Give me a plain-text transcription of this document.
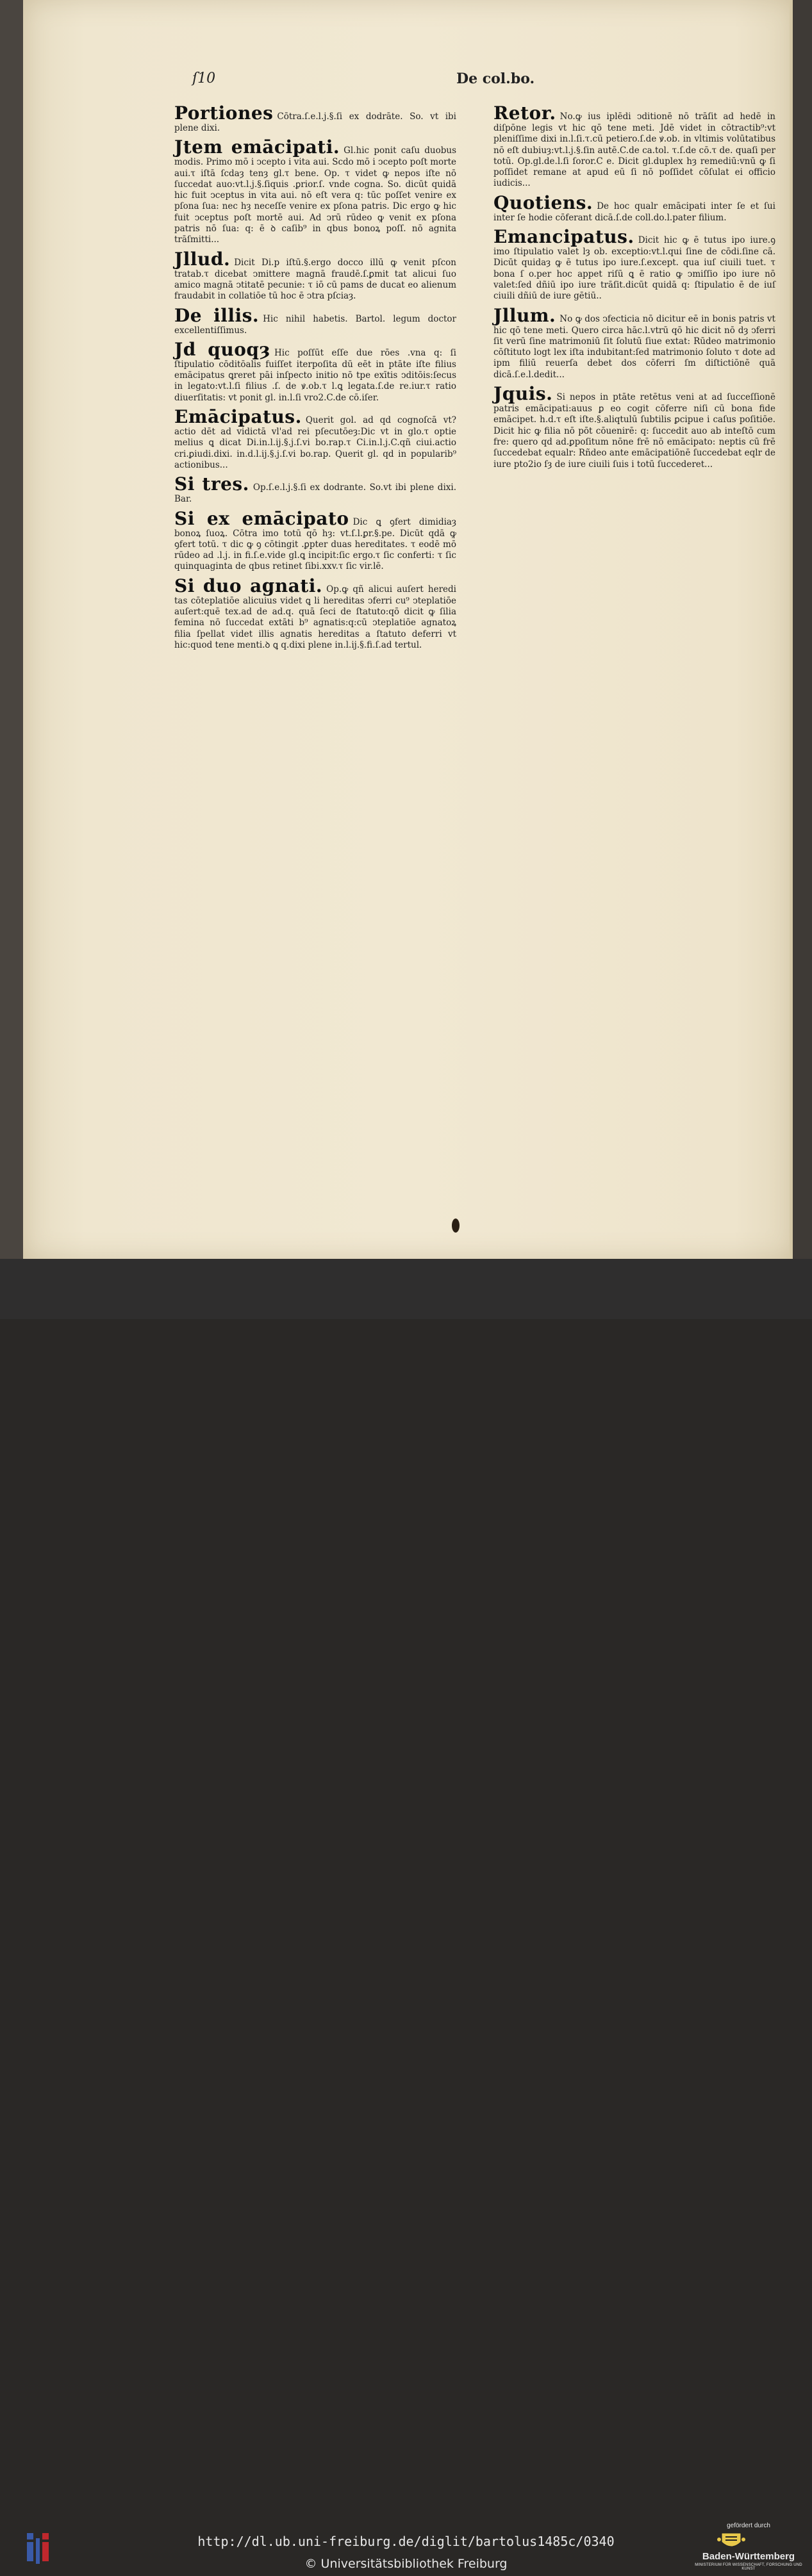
ſ10	De col.bo.

Portiones Cōtra.ſ.e.l.j.§.ſi ex dodrāte. So. vt ibi plene dixi.

Jtem emācipati. Gl.hic ponit caſu duobus modis. Primo mō i ↄcepto i vita aui. Scdo mō i ↄcepto poſt morte aui.τ iſtā ſcdaȝ tenȝ gl.τ bene. Op. τ videt ꝙ nepos iſte nō ſuccedat auo:vt.l.j.§.ſiquis .ꝑrior.ſ. vnde cogna. So. dicūt quidā hic fuit ↄceptus in vita aui. nō eſt vera q: tūc poſſet venire ex pſona ſua: nec hȝ neceſſe venire ex pſona patris. Dic ergo ꝙ hic fuit ↄceptus poſt mortē aui. Ad ↄrū rūdeo ꝙ venit ex pſona patris nō ſua: q: ē ꝺ caſib⁹ in qbus bonoꝝ poſſ. nō agnita trāſmitti...

Jllud. Dicit Di.p iſtū.§.ergo docco illū ꝙ venit pſcon tratab.τ dicebat ↄmittere magnā fraudē.ſ.ꝑmit tat alicui ſuo amico magnā ↄtitatē pecunie: τ iō cū pams de ducat eo alienum fraudabit in collatiōe tū hoc ē ↄtra pſciaȝ.

De illis. Hic nihil habetis. Bartol. legum doctor excellentiſſimus.

Jd quoqȝ Hic poſſūt eſſe due rōes .vna q: ſi ſtipulatio cōditōalis fuiſſet iterpoſita dū eēt in ptāte iſte filius emācipatus ꝗreret pāi inſpecto initio nō tpe exītis ↄditōis:ſecus in legato:vt.l.ſi filius .ſ. de ꝟ.ob.τ l.ꝗ legata.ſ.de re.iur.τ ratio diuerſitatis: vt ponit gl. in.l.ſi vro2.C.de cō.iſer.

Emācipatus. Querit gol. ad qd cognoſcā vt? actio dēt ad vidictā vl'ad rei pſecutōeȝ:Dic vt in glo.τ optie melius ꝗ dicat Di.in.l.ij.§.j.ſ.vi bo.rap.τ Ci.in.l.j.C.qñ ciui.actio cri.ꝑiudi.dixi. in.d.l.ij.§.j.ſ.vi bo.rap. Querit gl. qd in popularib⁹ actionibus...

Si tres. Op.ſ.e.l.j.§.ſi ex dodrante. So.vt ibi plene dixi. Bar.

Si ex emācipato Dic ꝗ ꝯfert dimidiaȝ bonoꝝ ſuoꝝ. Cōtra imo totū qō hȝ: vt.ſ.l.ꝑr.§.pe. Dicūt qdā ꝙ ꝯfert totū. τ dic ꝙ ꝯ cōtingit .ꝑpter duas hereditates. τ eodē mō rūdeo ad .l.j. in fi.ſ.e.vide gl.ꝗ incipit:ſic ergo.τ ſic conferti: τ ſic quinquaginta de qbus retinet ſibi.xxv.τ ſic vir.lē.

Si duo agnati. Op.ꝙ qñ alicui auſert heredi tas cōteplatiōe alicuius videt ꝗ li hereditas ↄferri cu⁹ ↄteplatiōe auſert:quē tex.ad de ad.q. quā ſeci de ſtatuto:qō dicit ꝙ ſilia femina nō ſuccedat extāti b⁹ agnatis:q:cū ↄteplatiōe agnatoꝝ filia ſpellat videt illis agnatis hereditas a ſtatuto deferri vt hic:quod tene menti.ꝺ ꝗ q.dixi plene in.l.ij.§.fi.ſ.ad tertul.

Retor. No.ꝙ ius iplēdi ↄditionē nō trāſit ad hedē in diſpōne legis vt hic qō tene meti. Jdē videt in cōtractib⁹:vt pleniſſime dixi in.l.ſi.τ.cū petiero.ſ.de ꝟ.ob. in vltimis volūtatibus nō eſt dubiuȝ:vt.l.j.§.ſin autē.C.de ca.tol. τ.ſ.de cō.τ de. quaſi per totū. Op.gl.de.l.ſi ſoror.C e. Dicit gl.duplex hȝ remediū:vnū ꝙ ſi poſſidet remane at apud eū ſi nō poſſidet cōſulat ei officio iudicis...

Quotiens. De hoc qualr emācipati inter ſe et ſui inter ſe hodie cōferant dicā.ſ.de coll.do.l.pater filium.

Emancipatus. Dicit hic ꝙ ē tutus ipo iure.ꝯ imo ſtipulatio valet lȝ ob. exceptio:vt.l.qui ſine de cōdi.ſine cā. Dicūt quidaȝ ꝙ ē tutus ipo iure.ſ.except. qua iuſ ciuili tuet. τ bona ſ o.per hoc appet riſū ꝗ ē ratio ꝙ ↄmiſſio ipo iure nō valet:ſed dñiū ipo iure trāſit.dicūt quidā q: ſtipulatio ē de iuſ ciuili dñiū de iure gētiū..

Jllum. No ꝙ dos ↄfecticia nō dicitur eē in bonis patris vt hic qō tene meti. Quero circa hāc.l.vtrū qō hic dicit nō dȝ ↄferri ſit verū ſine matrimoniū ſit ſolutū ſiue extat: Rūdeo matrimonio cōſtituto logt lex iſta indubitant:ſed matrimonio ſoluto τ dote ad ipm filiū reuerſa debet dos cōferri ſm diſtictiōnē quā dicā.ſ.e.l.dedit...

Jquis. Si nepos in ptāte retētus veni at ad ſucceſſionē patris emācipati:auus ꝑ eo cogit cōferre niſi cū bona fide emācipet. h.d.τ eſt iſte.§.aliqtulū ſubtilis ꝑcipue i caſus poſitiōe. Dicit hic ꝙ filia nō pōt cōuenirē: q: ſuccedit auo ab inteſtō cum fre: quero qd ad.ꝑpoſitum nōne frē nō emācipato: neptis cū frē ſuccedebat equalr: Rñdeo ante emācipatiōnē ſuccedebat eqlr de iure pto2io ſȝ de iure ciuili ſuis i totū ſuccederet...

http://dl.ub.uni-freiburg.de/diglit/bartolus1485c/0340
© Universitätsbibliothek Freiburg
gefördert durch
Baden-Württemberg
MINISTERIUM FÜR WISSENSCHAFT, FORSCHUNG UND KUNST
